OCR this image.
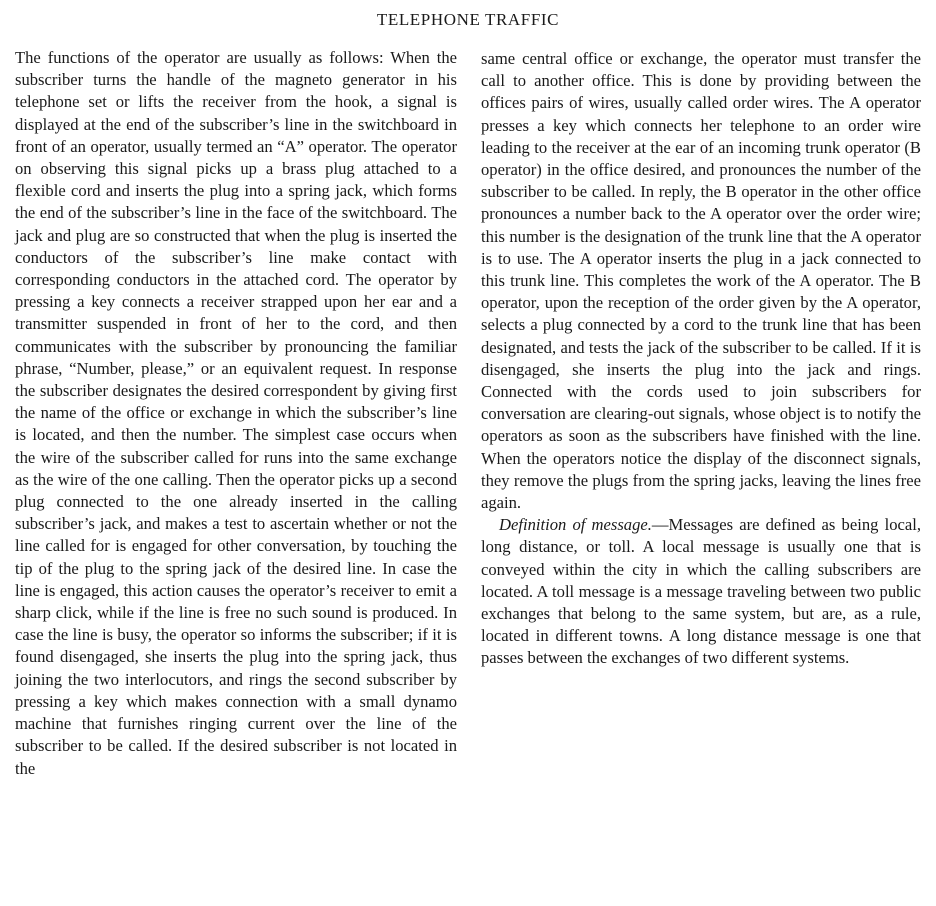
TELEPHONE TRAFFIC

The functions of the operator are usually as follows: When the subscriber turns the handle of the magneto generator in his telephone set or lifts the receiver from the hook, a signal is displayed at the end of the subscriber’s line in the switchboard in front of an operator, usually termed an “A” operator. The operator on observing this signal picks up a brass plug attached to a flexible cord and inserts the plug into a spring jack, which forms the end of the subscriber’s line in the face of the switchboard. The jack and plug are so constructed that when the plug is inserted the conductors of the subscriber’s line make contact with corresponding conductors in the attached cord. The operator by pressing a key connects a receiver strapped upon her ear and a transmitter suspended in front of her to the cord, and then communicates with the subscriber by pronouncing the familiar phrase, “Number, please,” or an equivalent request. In response the subscriber designates the desired correspondent by giving first the name of the office or exchange in which the subscriber’s line is located, and then the number. The simplest case occurs when the wire of the subscriber called for runs into the same exchange as the wire of the one calling. Then the operator picks up a second plug connected to the one already inserted in the calling subscriber’s jack, and makes a test to ascertain whether or not the line called for is engaged for other conversation, by touching the tip of the plug to the spring jack of the desired line. In case the line is engaged, this action causes the operator’s receiver to emit a sharp click, while if the line is free no such sound is produced. In case the line is busy, the operator so informs the subscriber; if it is found disengaged, she inserts the plug into the spring jack, thus joining the two interlocutors, and rings the second subscriber by pressing a key which makes connection with a small dynamo machine that furnishes ringing current over the line of the subscriber to be called. If the desired subscriber is not located in the

same central office or exchange, the operator must transfer the call to another office. This is done by providing between the offices pairs of wires, usually called order wires. The A operator presses a key which connects her telephone to an order wire leading to the receiver at the ear of an incoming trunk operator (B operator) in the office desired, and pronounces the number of the subscriber to be called. In reply, the B operator in the other office pronounces a number back to the A operator over the order wire; this number is the designation of the trunk line that the A operator is to use. The A operator inserts the plug in a jack connected to this trunk line. This completes the work of the A operator. The B operator, upon the reception of the order given by the A operator, selects a plug connected by a cord to the trunk line that has been designated, and tests the jack of the subscriber to be called. If it is disengaged, she inserts the plug into the jack and rings. Connected with the cords used to join subscribers for conversation are clearing-out signals, whose object is to notify the operators as soon as the subscribers have finished with the line. When the operators notice the display of the disconnect signals, they remove the plugs from the spring jacks, leaving the lines free again.

Definition of message.—Messages are defined as being local, long distance, or toll. A local message is usually one that is conveyed within the city in which the calling subscribers are located. A toll message is a message traveling between two public exchanges that belong to the same system, but are, as a rule, located in different towns. A long distance message is one that passes between the exchanges of two different systems.
